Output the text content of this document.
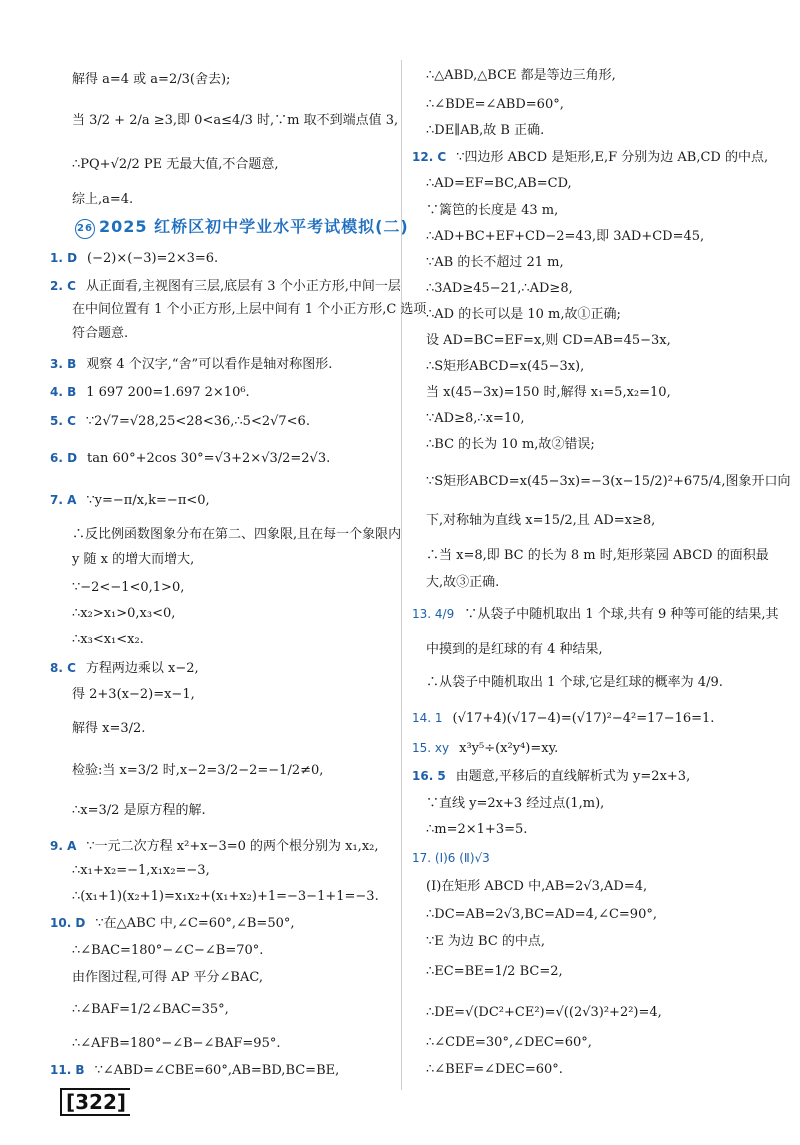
26 2025 红桥区初中学业水平考试模拟(二)
解得 a=4 或 a=2/3(舍去);
当 3/2 + 2/a ≥3,即 0<a≤4/3 时,∵m 取不到端点值 3,
∴PQ+√2/2 PE 无最大值,不合题意,
综上,a=4.
1. D (−2)×(−3)=2×3=6.
2. C 从正面看,主视图有三层,底层有 3 个小正方形,中间一层
在中间位置有 1 个小正方形,上层中间有 1 个小正方形,C 选项
符合题意.
3. B 观察 4 个汉字,“舍”可以看作是轴对称图形.
4. B 1 697 200=1.697 2×10⁶.
5. C ∵2√7=√28,25<28<36,∴5<2√7<6.
6. D tan 60°+2cos 30°=√3+2×√3/2=2√3.
7. A ∵y=−π/x,k=−π<0,
∴反比例函数图象分布在第二、四象限,且在每一个象限内
y 随 x 的增大而增大,
∵−2<−1<0,1>0,
∴x₂>x₁>0,x₃<0,
∴x₃<x₁<x₂.
8. C 方程两边乘以 x−2,
得 2+3(x−2)=x−1,
解得 x=3/2.
检验:当 x=3/2 时,x−2=3/2−2=−1/2≠0,
∴x=3/2 是原方程的解.
9. A ∵一元二次方程 x²+x−3=0 的两个根分别为 x₁,x₂,
∴x₁+x₂=−1,x₁x₂=−3,
∴(x₁+1)(x₂+1)=x₁x₂+(x₁+x₂)+1=−3−1+1=−3.
10. D ∵在△ABC 中,∠C=60°,∠B=50°,
∴∠BAC=180°−∠C−∠B=70°.
由作图过程,可得 AP 平分∠BAC,
∴∠BAF=1/2∠BAC=35°,
∴∠AFB=180°−∠B−∠BAF=95°.
11. B ∵∠ABD=∠CBE=60°,AB=BD,BC=BE,
∴△ABD,△BCE 都是等边三角形,
∴∠BDE=∠ABD=60°,
∴DE∥AB,故 B 正确.
12. C ∵四边形 ABCD 是矩形,E,F 分别为边 AB,CD 的中点,
∴AD=EF=BC,AB=CD,
∵篱笆的长度是 43 m,
∴AD+BC+EF+CD−2=43,即 3AD+CD=45,
∵AB 的长不超过 21 m,
∴3AD≥45−21,∴AD≥8,
∴AD 的长可以是 10 m,故①正确;
设 AD=BC=EF=x,则 CD=AB=45−3x,
∴S矩形ABCD=x(45−3x),
当 x(45−3x)=150 时,解得 x₁=5,x₂=10,
∵AD≥8,∴x=10,
∴BC 的长为 10 m,故②错误;
∵S矩形ABCD=x(45−3x)=−3(x−15/2)²+675/4,图象开口向
下,对称轴为直线 x=15/2,且 AD=x≥8,
∴当 x=8,即 BC 的长为 8 m 时,矩形菜园 ABCD 的面积最
大,故③正确.
13. 4/9 ∵从袋子中随机取出 1 个球,共有 9 种等可能的结果,其
中摸到的是红球的有 4 种结果,
∴从袋子中随机取出 1 个球,它是红球的概率为 4/9.
14. 1 (√17+4)(√17−4)=(√17)²−4²=17−16=1.
15. xy x³y⁵÷(x²y⁴)=xy.
16. 5 由题意,平移后的直线解析式为 y=2x+3,
∵直线 y=2x+3 经过点(1,m),
∴m=2×1+3=5.
17. (Ⅰ)6 (Ⅱ)√3
(Ⅰ)在矩形 ABCD 中,AB=2√3,AD=4,
∴DC=AB=2√3,BC=AD=4,∠C=90°,
∵E 为边 BC 的中点,
∴EC=BE=1/2 BC=2,
∴DE=√(DC²+CE²)=√((2√3)²+2²)=4,
∴∠CDE=30°,∠DEC=60°,
∴∠BEF=∠DEC=60°.
[322]
